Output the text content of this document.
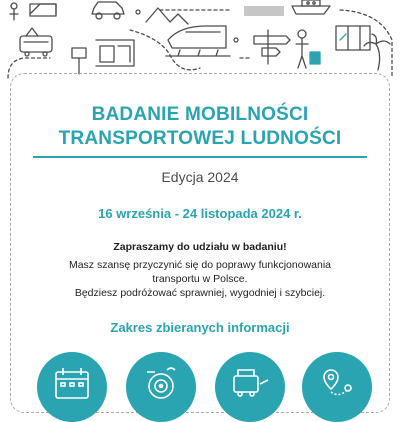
BADANIE MOBILNOŚCI
TRANSPORTOWEJ LUDNOŚCI
Edycja 2024
16 września - 24 listopada 2024 r.
Zapraszamy do udziału w badaniu!
Masz szansę przyczynić się do poprawy funkcjonowania
transportu w Polsce.
Będziesz podróżować sprawniej, wygodniej i szybciej.
Zakres zbieranych informacji
